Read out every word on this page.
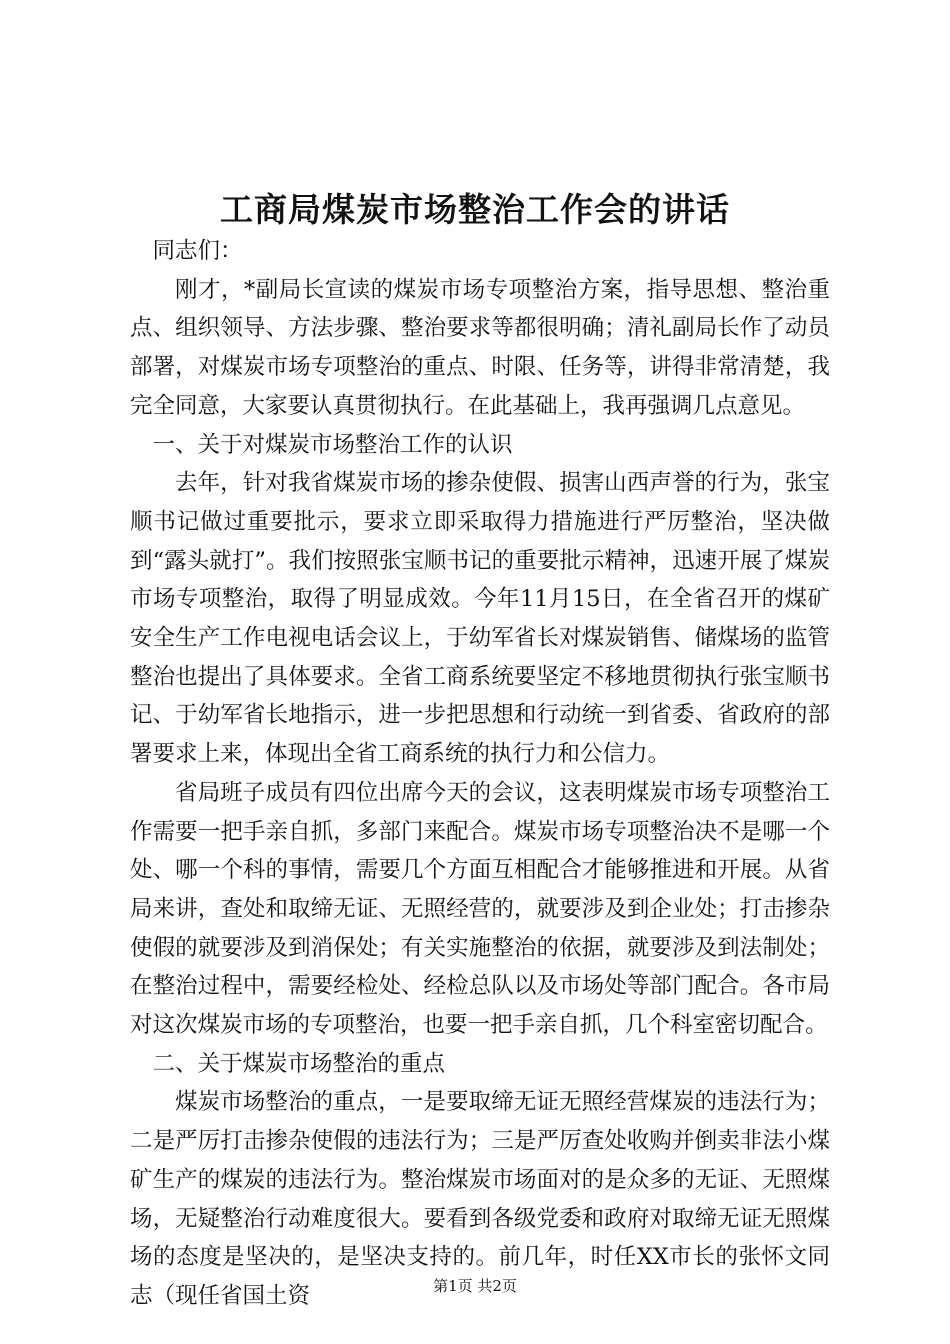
工商局煤炭市场整治工作会的讲话

同志们：

刚才，*副局长宣读的煤炭市场专项整治方案，指导思想、整治重点、组织领导、方法步骤、整治要求等都很明确；清礼副局长作了动员部署，对煤炭市场专项整治的重点、时限、任务等，讲得非常清楚，我完全同意，大家要认真贯彻执行。在此基础上，我再强调几点意见。

一、关于对煤炭市场整治工作的认识

去年，针对我省煤炭市场的掺杂使假、损害山西声誉的行为，张宝顺书记做过重要批示，要求立即采取得力措施进行严厉整治，坚决做到“露头就打”。我们按照张宝顺书记的重要批示精神，迅速开展了煤炭市场专项整治，取得了明显成效。今年11月15日，在全省召开的煤矿安全生产工作电视电话会议上，于幼军省长对煤炭销售、储煤场的监管整治也提出了具体要求。全省工商系统要坚定不移地贯彻执行张宝顺书记、于幼军省长地指示，进一步把思想和行动统一到省委、省政府的部署要求上来，体现出全省工商系统的执行力和公信力。

省局班子成员有四位出席今天的会议，这表明煤炭市场专项整治工作需要一把手亲自抓，多部门来配合。煤炭市场专项整治决不是哪一个处、哪一个科的事情，需要几个方面互相配合才能够推进和开展。从省局来讲，查处和取缔无证、无照经营的，就要涉及到企业处；打击掺杂使假的就要涉及到消保处；有关实施整治的依据，就要涉及到法制处；在整治过程中，需要经检处、经检总队以及市场处等部门配合。各市局对这次煤炭市场的专项整治，也要一把手亲自抓，几个科室密切配合。

二、关于煤炭市场整治的重点

煤炭市场整治的重点，一是要取缔无证无照经营煤炭的违法行为；二是严厉打击掺杂使假的违法行为；三是严厉查处收购并倒卖非法小煤矿生产的煤炭的违法行为。整治煤炭市场面对的是众多的无证、无照煤场，无疑整治行动难度很大。要看到各级党委和政府对取缔无证无照煤场的态度是坚决的，是坚决支持的。前几年，时任XX市长的张怀文同志（现任省国土资	第1页 共2页
